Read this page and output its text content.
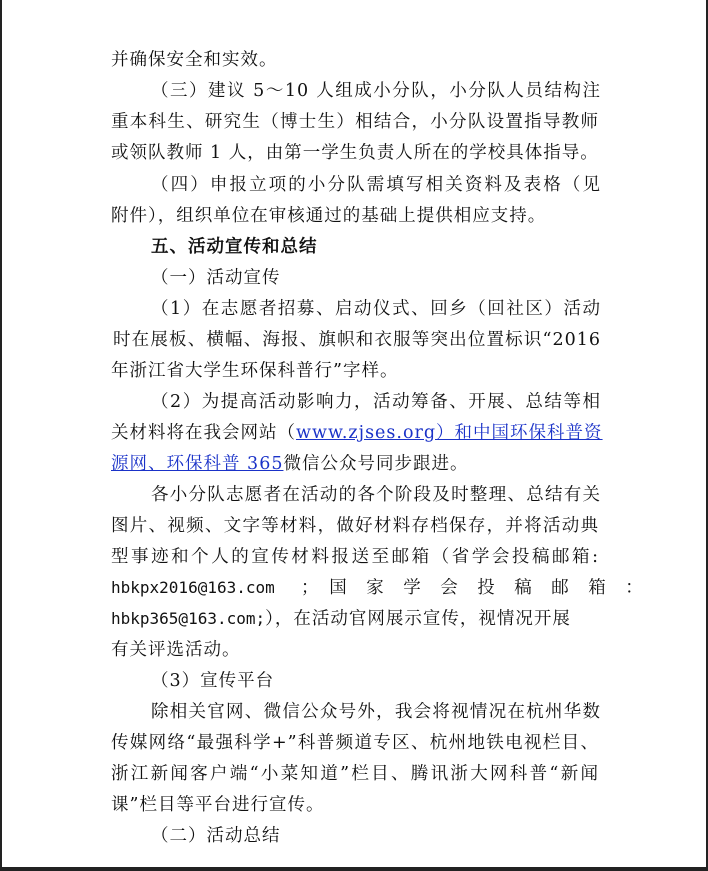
并确保安全和实效。
（三）建议 5～10 人组成小分队，小分队人员结构注
重本科生、研究生（博士生）相结合，小分队设置指导教师
或领队教师 1 人，由第一学生负责人所在的学校具体指导。
（四）申报立项的小分队需填写相关资料及表格（见
附件），组织单位在审核通过的基础上提供相应支持。
五、活动宣传和总结
（一）活动宣传
（1）在志愿者招募、启动仪式、回乡（回社区）活动
时在展板、横幅、海报、旗帜和衣服等突出位置标识“2016
年浙江省大学生环保科普行”字样。
（2）为提高活动影响力，活动筹备、开展、总结等相
关材料将在我会网站（www.zjses.org）和中国环保科普资
源网、环保科普 365微信公众号同步跟进。
各小分队志愿者在活动的各个阶段及时整理、总结有关
图片、视频、文字等材料，做好材料存档保存，并将活动典
型事迹和个人的宣传材料报送至邮箱（省学会投稿邮箱:
hbkpx2016@163.com ；　国　家　学　会　投　稿　邮　箱　：
hbkp365@163.com;），在活动官网展示宣传，视情况开展
有关评选活动。
（3）宣传平台
除相关官网、微信公众号外，我会将视情况在杭州华数
传媒网络“最强科学+”科普频道专区、杭州地铁电视栏目、
浙江新闻客户端“小菜知道”栏目、腾讯浙大网科普“新闻
课”栏目等平台进行宣传。
（二）活动总结
